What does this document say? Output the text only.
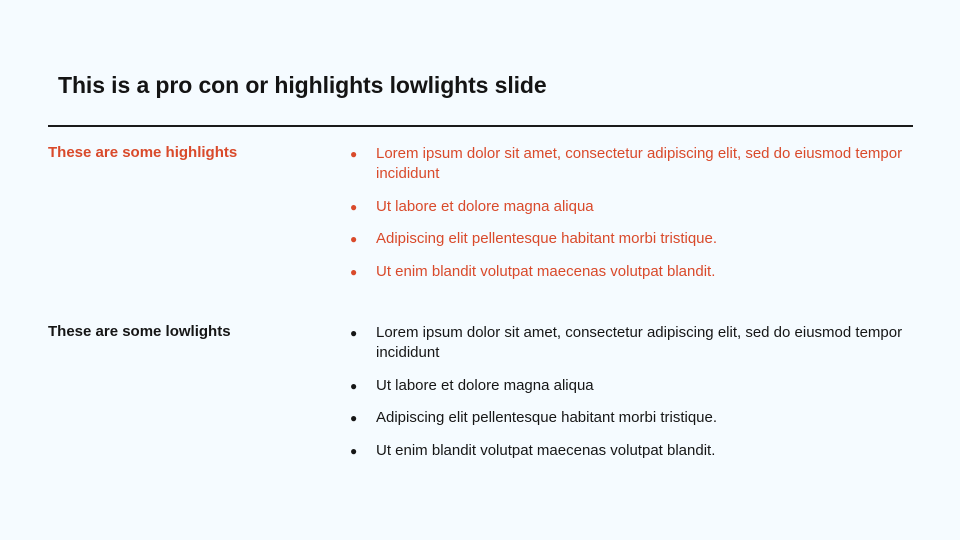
This is a pro con or highlights lowlights slide
These are some highlights	● Lorem ipsum dolor sit amet, consectetur adipiscing elit, sed do eiusmod tempor incididunt
● Ut labore et dolore magna aliqua
● Adipiscing elit pellentesque habitant morbi tristique.
● Ut enim blandit volutpat maecenas volutpat blandit.
These are some lowlights	● Lorem ipsum dolor sit amet, consectetur adipiscing elit, sed do eiusmod tempor incididunt
● Ut labore et dolore magna aliqua
● Adipiscing elit pellentesque habitant morbi tristique.
● Ut enim blandit volutpat maecenas volutpat blandit.
